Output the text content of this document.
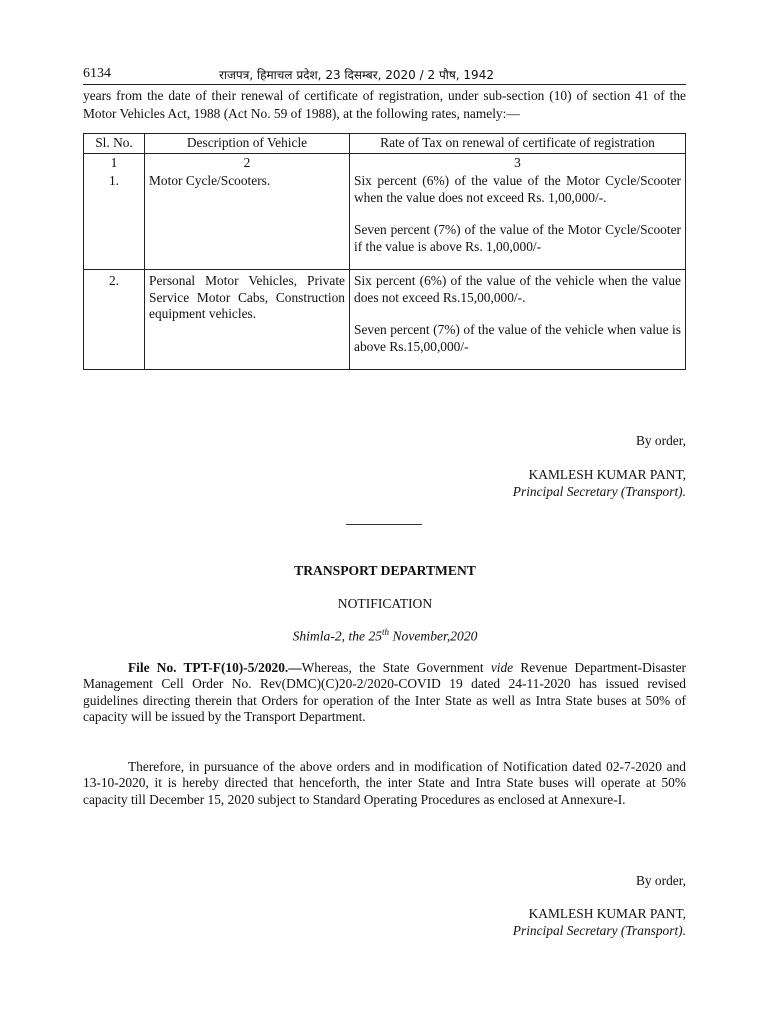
6134	राजपत्र, हिमाचल प्रदेश, 23 दिसम्बर, 2020 / 2 पौष, 1942
years from the date of their renewal of certificate of registration, under sub-section (10) of section 41 of the Motor Vehicles Act, 1988 (Act No. 59 of 1988), at the following rates, namely:—
Sl. No.	Description of Vehicle	Rate of Tax on renewal of certificate of registration
1	2	3
1.	Motor Cycle/Scooters.	Six percent (6%) of the value of the Motor Cycle/Scooter when the value does not exceed Rs. 1,00,000/-.
Seven percent (7%) of the value of the Motor Cycle/Scooter if the value is above Rs. 1,00,000/-

2.	Personal Motor Vehicles, Private Service Motor Cabs, Construction equipment vehicles.	Six percent (6%) of the value of the vehicle when the value does not exceed Rs.15,00,000/-.
Seven percent (7%) of the value of the vehicle when value is above Rs.15,00,000/-
By order,
KAMLESH KUMAR PANT,
Principal Secretary (Transport).
TRANSPORT DEPARTMENT
NOTIFICATION
Shimla-2, the 25th November,2020
File No. TPT-F(10)-5/2020.—Whereas, the State Government vide Revenue Department-Disaster Management Cell Order No. Rev(DMC)(C)20-2/2020-COVID 19 dated 24-11-2020 has issued revised guidelines directing therein that Orders for operation of the Inter State as well as Intra State buses at 50% of capacity will be issued by the Transport Department.
Therefore, in pursuance of the above orders and in modification of Notification dated 02-7-2020 and 13-10-2020, it is hereby directed that henceforth, the inter State and Intra State buses will operate at 50% capacity till December 15, 2020 subject to Standard Operating Procedures as enclosed at Annexure-I.
By order,
KAMLESH KUMAR PANT,
Principal Secretary (Transport).
